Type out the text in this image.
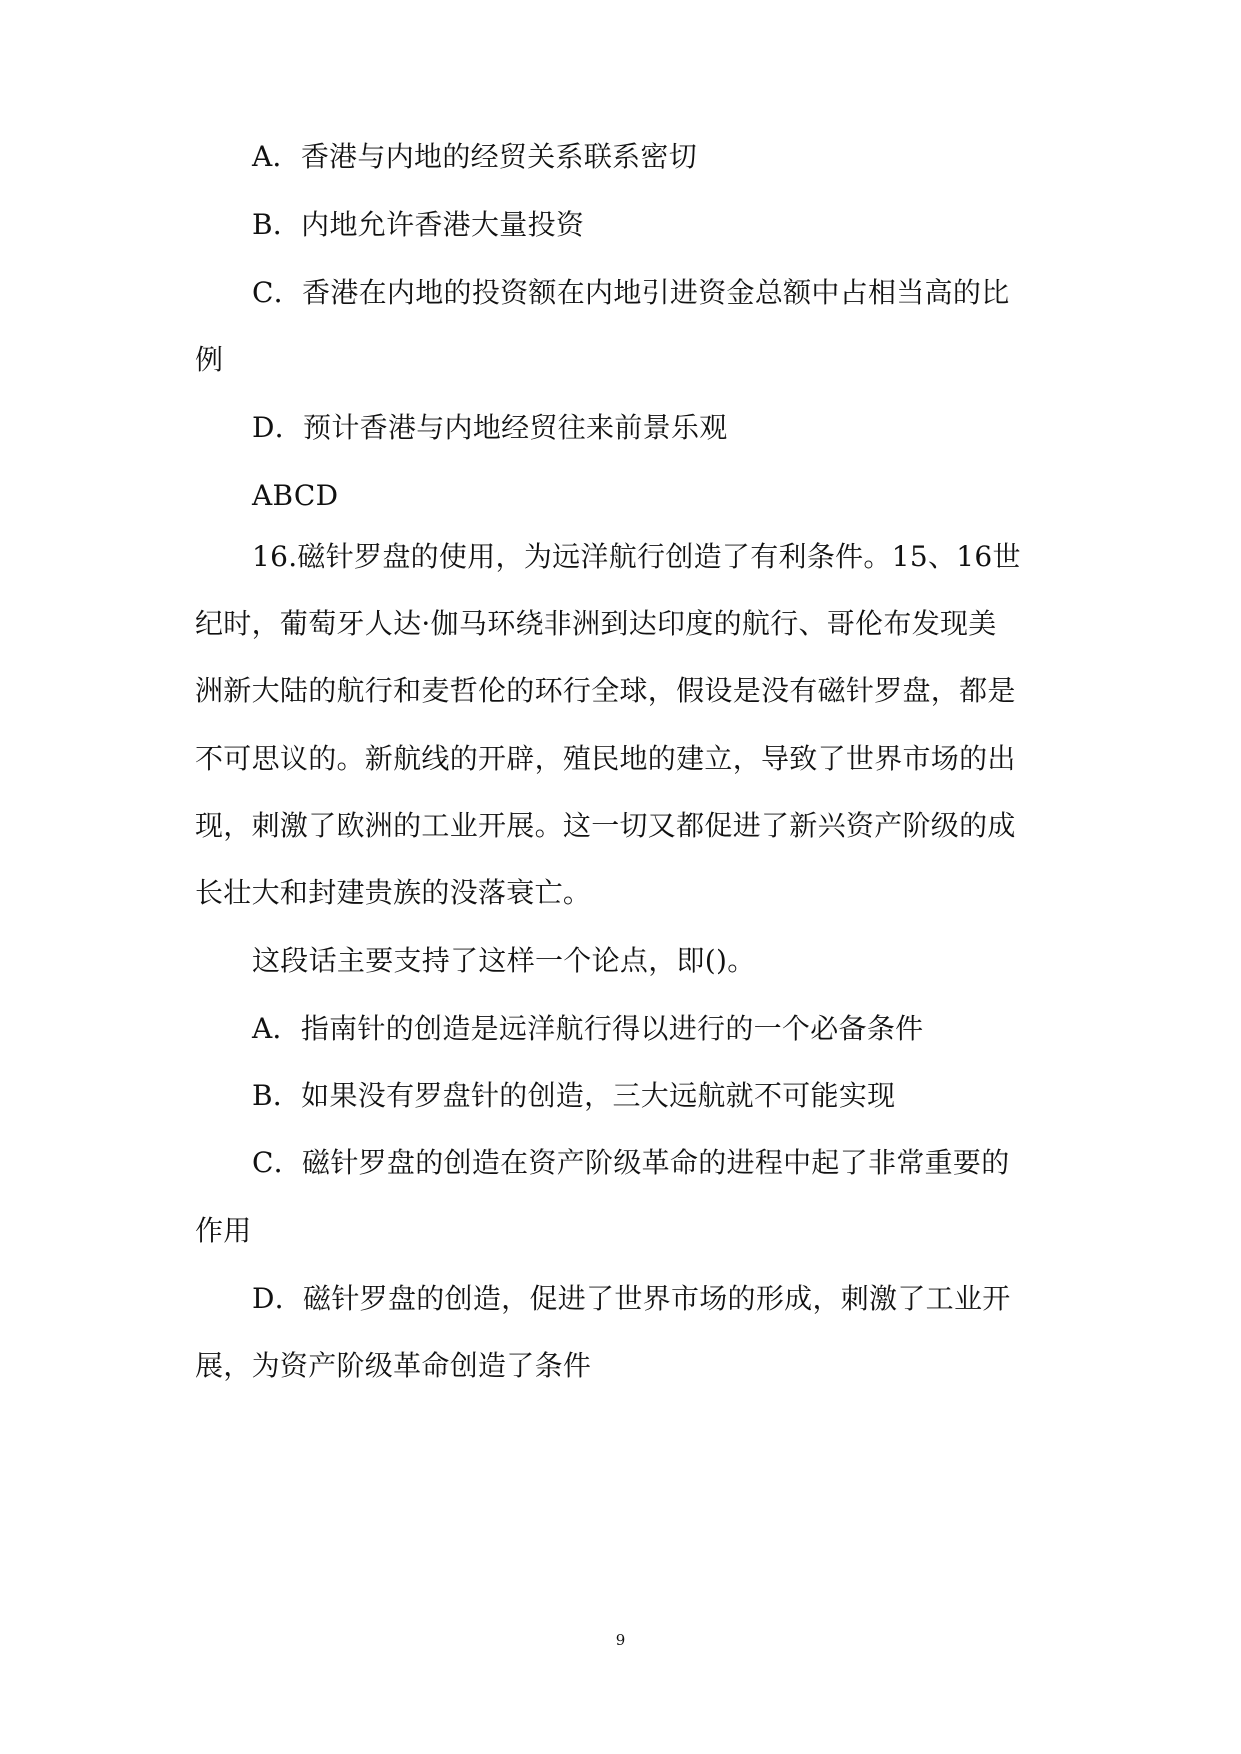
A．香港与内地的经贸关系联系密切
B．内地允许香港大量投资
C．香港在内地的投资额在内地引进资金总额中占相当高的比
例
D．预计香港与内地经贸往来前景乐观
ABCD
16.磁针罗盘的使用，为远洋航行创造了有利条件。15、16世
纪时，葡萄牙人达·伽马环绕非洲到达印度的航行、哥伦布发现美
洲新大陆的航行和麦哲伦的环行全球，假设是没有磁针罗盘，都是
不可思议的。新航线的开辟，殖民地的建立，导致了世界市场的出
现，刺激了欧洲的工业开展。这一切又都促进了新兴资产阶级的成
长壮大和封建贵族的没落衰亡。
这段话主要支持了这样一个论点，即()。
A．指南针的创造是远洋航行得以进行的一个必备条件
B．如果没有罗盘针的创造，三大远航就不可能实现
C．磁针罗盘的创造在资产阶级革命的进程中起了非常重要的
作用
D．磁针罗盘的创造，促进了世界市场的形成，刺激了工业开
展，为资产阶级革命创造了条件
9
